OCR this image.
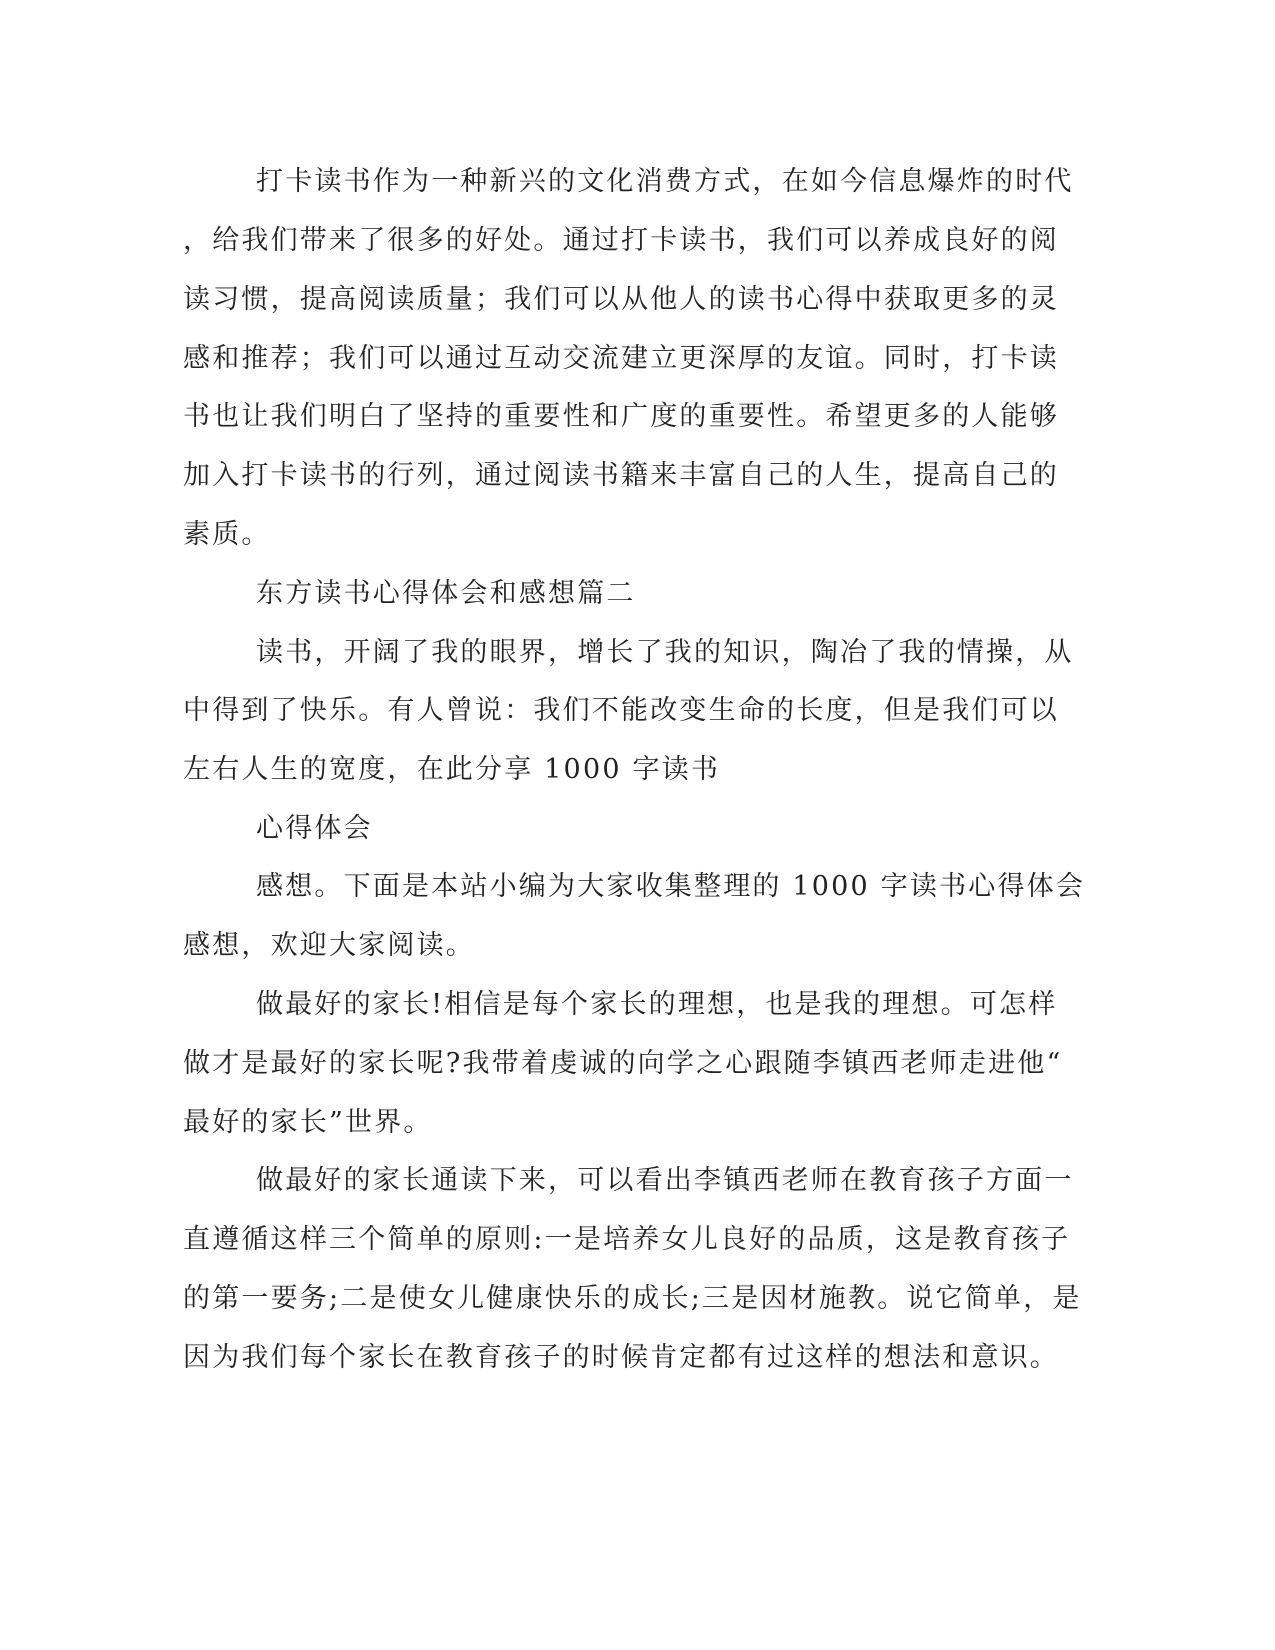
打卡读书作为一种新兴的文化消费方式，在如今信息爆炸的时代
，给我们带来了很多的好处。通过打卡读书，我们可以养成良好的阅
读习惯，提高阅读质量；我们可以从他人的读书心得中获取更多的灵
感和推荐；我们可以通过互动交流建立更深厚的友谊。同时，打卡读
书也让我们明白了坚持的重要性和广度的重要性。希望更多的人能够
加入打卡读书的行列，通过阅读书籍来丰富自己的人生，提高自己的
素质。
东方读书心得体会和感想篇二
读书，开阔了我的眼界，增长了我的知识，陶冶了我的情操，从
中得到了快乐。有人曾说：我们不能改变生命的长度，但是我们可以
左右人生的宽度，在此分享 1000 字读书
心得体会
感想。下面是本站小编为大家收集整理的 1000 字读书心得体会
感想，欢迎大家阅读。
做最好的家长!相信是每个家长的理想，也是我的理想。可怎样
做才是最好的家长呢?我带着虔诚的向学之心跟随李镇西老师走进他“
最好的家长”世界。
做最好的家长通读下来，可以看出李镇西老师在教育孩子方面一
直遵循这样三个简单的原则:一是培养女儿良好的品质，这是教育孩子
的第一要务;二是使女儿健康快乐的成长;三是因材施教。说它简单，是
因为我们每个家长在教育孩子的时候肯定都有过这样的想法和意识。
